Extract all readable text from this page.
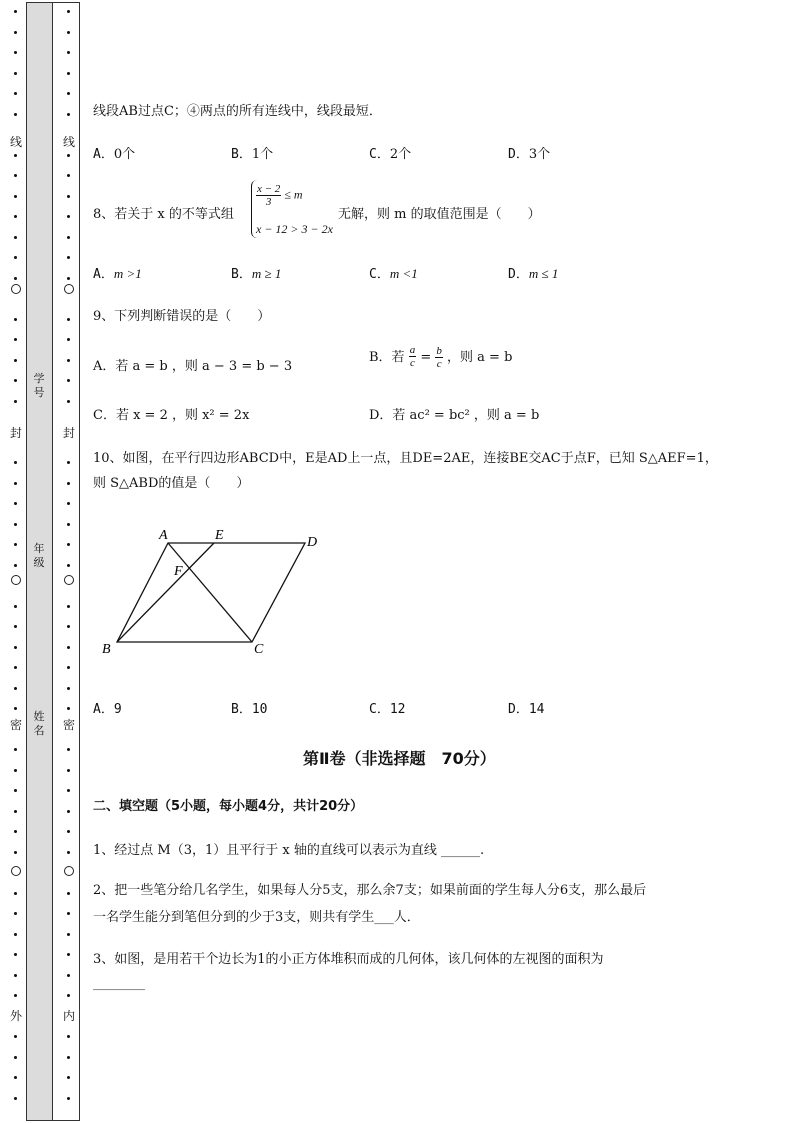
学号
年级
姓名
线
封
密
外
线
封
密
内
线段AB过点C；④两点的所有连线中，线段最短．
A．0个	B．1个	C．2个	D．3个
8、若关于 x 的不等式组
$\frac{x - 2}{3} \le m$
x − 12 > 3 − 2x
无解，则 m 的取值范围是（　　）
A．m >1	B．m ≥ 1	C．m <1	D．m ≤ 1
9、下列判断错误的是（　　）
A．若 a = b ，则 a − 3 = b − 3
B．若 $\frac{a}{c} = \frac{b}{c}$ ，则 a = b
C．若 x = 2 ，则 x² = 2x	D．若 ac² = bc² ，则 a = b
10、如图，在平行四边形ABCD中，E是AD上一点，且DE=2AE，连接BE交AC于点F，已知 S△AEF=1，
则 S△ABD的值是（　　）
A．9	B．10	C．12	D．14
第Ⅱ卷（非选择题　70分）
二、填空题（5小题，每小题4分，共计20分）
1、经过点 M（3，1）且平行于 x 轴的直线可以表示为直线 ______.
2、把一些笔分给几名学生，如果每人分5支，那么余7支；如果前面的学生每人分6支，那么最后
一名学生能分到笔但分到的少于3支，则共有学生___人．
3、如图，是用若干个边长为1的小正方体堆积而成的几何体，该几何体的左视图的面积为
________
A	E	D
F
B	C
